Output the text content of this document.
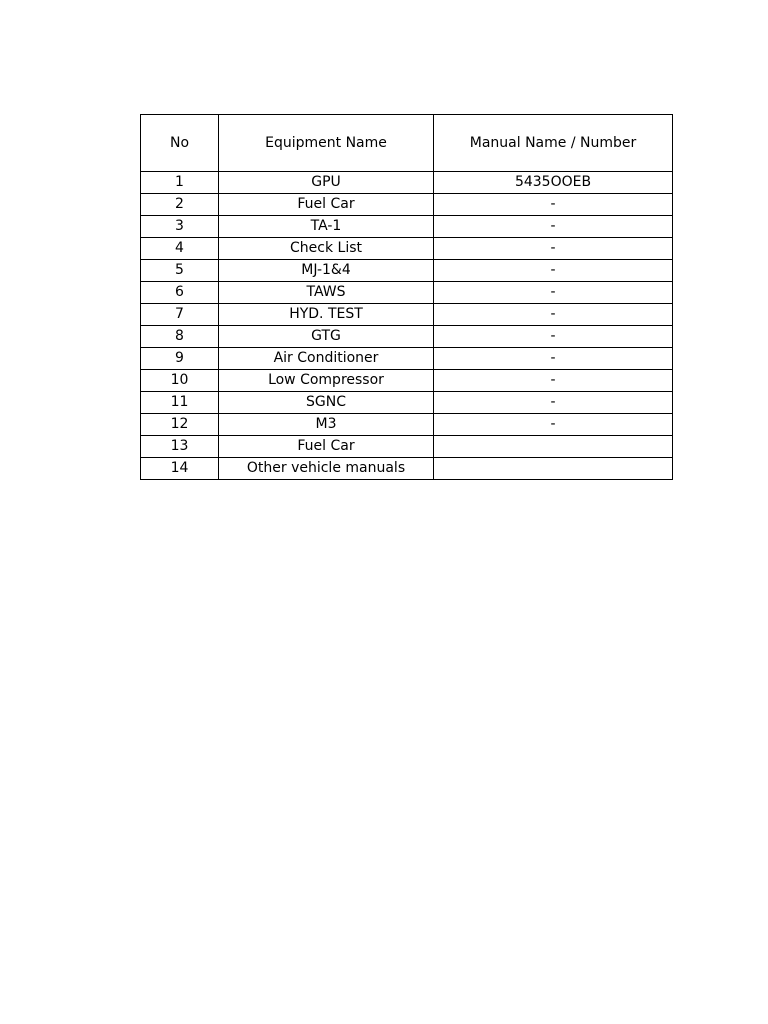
No	Equipment Name	Manual Name / Number
1	GPU	5435OOEB
2	Fuel Car	-
3	TA-1	-
4	Check List	-
5	MJ-1&4	-
6	TAWS	-
7	HYD. TEST	-
8	GTG	-
9	Air Conditioner	-
10	Low Compressor	-
11	SGNC	-
12	M3	-
13	Fuel Car	
14	Other vehicle manuals	
